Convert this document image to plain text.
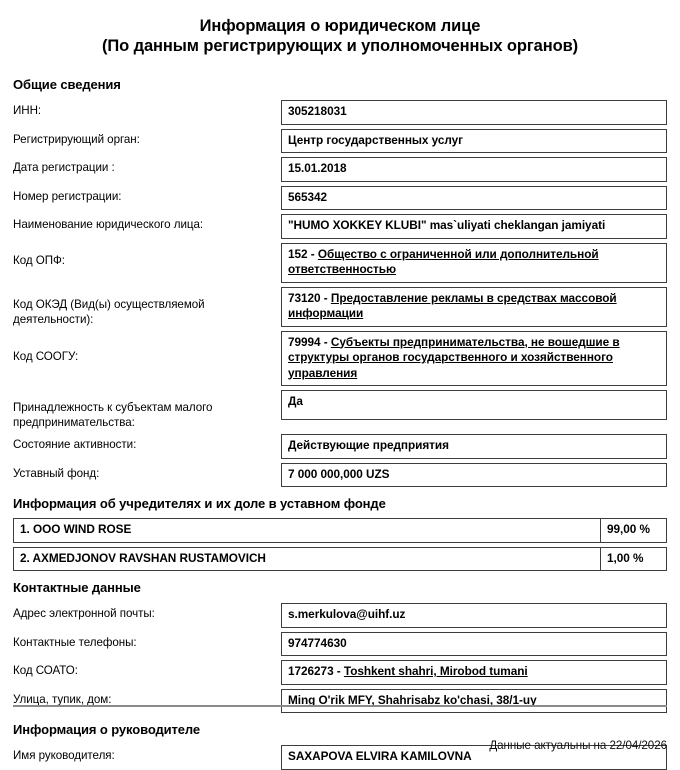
Информация о юридическом лице
(По данным регистрирующих и уполномоченных органов)
Общие сведения
ИНН:	305218031
Регистрирующий орган:	Центр государственных услуг
Дата регистрации :	15.01.2018
Номер регистрации:	565342
Наименование юридического лица:	"HUMO XOKKEY KLUBI" mas`uliyati cheklangan jamiyati
Код ОПФ:	152 - Общество с ограниченной или дополнительной ответственностью
Код ОКЭД (Вид(ы) осуществляемой деятельности):
73120 - Предоставление рекламы в средствах массовой информации
Код СООГУ:
79994 - Субъекты предпринимательства, не вошедшие в структуры органов государственного и хозяйственного управления
Принадлежность к субъектам малого предпринимательства:
Да
Состояние активности:	Действующие предприятия
Уставный фонд:	7 000 000,000 UZS
Информация об учредителях и их доле в уставном фонде
1. OOO WIND ROSE	99,00 %
2. AXMEDJONOV RAVSHAN RUSTAMOVICH	1,00 %
Контактные данные
Адрес электронной почты:	s.merkulova@uihf.uz
Контактные телефоны:	974774630
Код СОАТО:	1726273 - Toshkent shahri, Mirobod tumani
Улица, тупик, дом:	Ming O'rik MFY, Shahrisabz ko'chasi, 38/1-uy
Информация о руководителе
Имя руководителя:	SAXAPOVA ELVIRA KAMILOVNA
Данные актуальны на 22/04/2026
